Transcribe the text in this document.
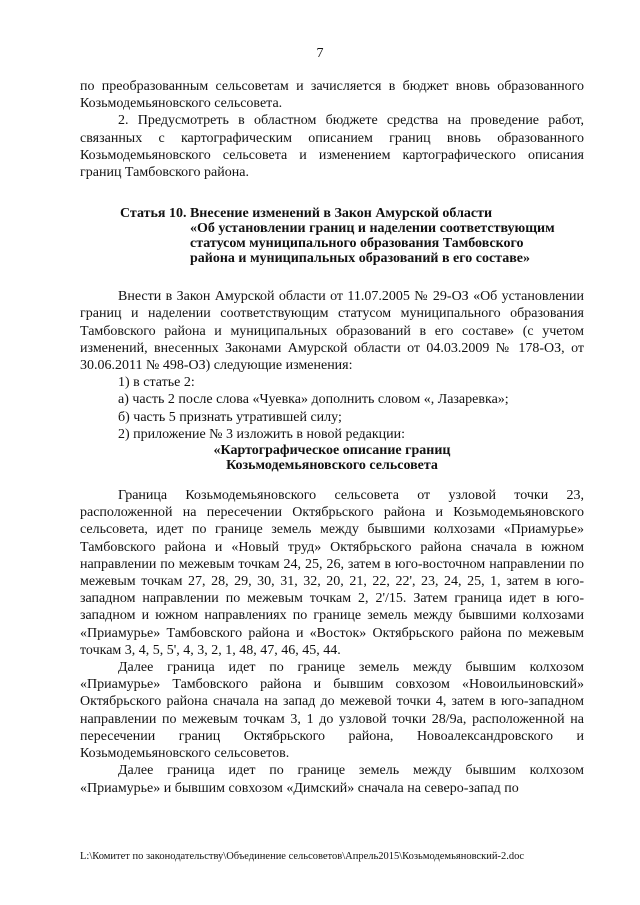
7

по преобразованным сельсоветам и зачисляется в бюджет вновь образованного Козьмодемьяновского сельсовета.

2. Предусмотреть в областном бюджете средства на проведение работ, связанных с картографическим описанием границ вновь образованного Козьмодемьяновского сельсовета и изменением картографического описания границ Тамбовского района.

Статья 10. Внесение изменений в Закон Амурской области
«Об установлении границ и наделении соответствующим статусом муниципального образования Тамбовского района и муниципальных образований в его составе»

Внести в Закон Амурской области от 11.07.2005 № 29-ОЗ «Об установлении границ и наделении соответствующим статусом муниципального образования Тамбовского района и муниципальных образований в его составе» (с учетом изменений, внесенных Законами Амурской области от 04.03.2009 № 178-ОЗ, от 30.06.2011 № 498-ОЗ) следующие изменения:

1) в статье 2:

а) часть 2 после слова «Чуевка» дополнить словом «, Лазаревка»;

б) часть 5 признать утратившей силу;

2) приложение № 3 изложить в новой редакции:

«Картографическое описание границ

Козьмодемьяновского сельсовета

Граница Козьмодемьяновского сельсовета от узловой точки 23, расположенной на пересечении Октябрьского района и Козьмодемьяновского сельсовета, идет по границе земель между бывшими колхозами «Приамурье» Тамбовского района и «Новый труд» Октябрьского района сначала в южном направлении по межевым точкам 24, 25, 26, затем в юго-восточном направлении по межевым точкам 27, 28, 29, 30, 31, 32, 20, 21, 22, 22', 23, 24, 25, 1, затем в юго-западном направлении по межевым точкам 2, 2'/15. Затем граница идет в юго-западном и южном направлениях по границе земель между бывшими колхозами «Приамурье» Тамбовского района и «Восток» Октябрьского района по межевым точкам 3, 4, 5, 5', 4, 3, 2, 1, 48, 47, 46, 45, 44.

Далее граница идет по границе земель между бывшим колхозом «Приамурье» Тамбовского района и бывшим совхозом «Новоильиновский» Октябрьского района сначала на запад до межевой точки 4, затем в юго-западном направлении по межевым точкам 3, 1 до узловой точки 28/9а, расположенной на пересечении границ Октябрьского района, Новоалександровского и Козьмодемьяновского сельсоветов.

Далее граница идет по границе земель между бывшим колхозом «Приамурье» и бывшим совхозом «Димский» сначала на северо-запад по

L:\Комитет по законодательству\Объединение сельсоветов\Апрель2015\Козьмодемьяновский-2.doc
